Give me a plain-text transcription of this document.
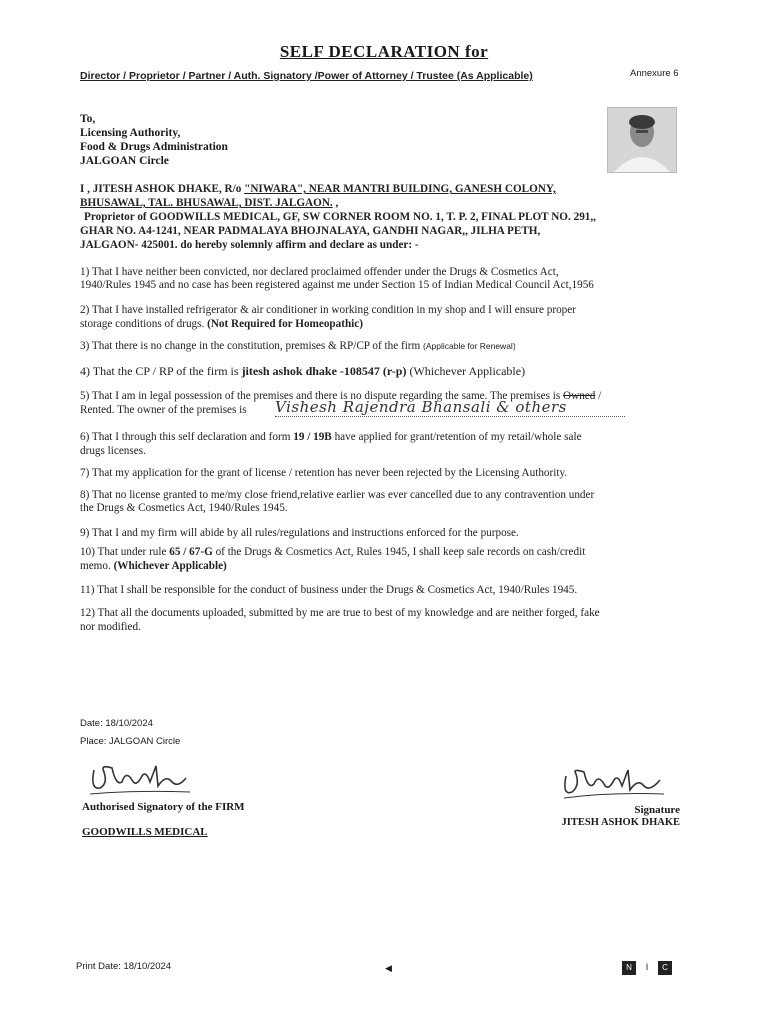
SELF DECLARATION for
Director / Proprietor / Partner / Auth. Signatory /Power of Attorney / Trustee (As Applicable)	Annexure 6
To,
Licensing Authority,
Food & Drugs Administration
JALGOAN Circle
I , JITESH ASHOK DHAKE, R/o "NIWARA", NEAR MANTRI BUILDING, GANESH COLONY,
BHUSAWAL, TAL. BHUSAWAL, DIST. JALGAON. ,
Proprietor of GOODWILLS MEDICAL, GF, SW CORNER ROOM NO. 1, T. P. 2, FINAL PLOT NO. 291,,
GHAR NO. A4-1241, NEAR PADMALAYA BHOJNALAYA, GANDHI NAGAR,, JILHA PETH,
JALGAON- 425001. do hereby solemnly affirm and declare as under: -
1) That I have neither been convicted, nor declared proclaimed offender under the Drugs & Cosmetics Act,
1940/Rules 1945 and no case has been registered against me under Section 15 of Indian Medical Council Act,1956
2) That I have installed refrigerator & air conditioner in working condition in my shop and I will ensure proper
storage conditions of drugs. (Not Required for Homeopathic)
3) That there is no change in the constitution, premises & RP/CP of the firm (Applicable for Renewal)
4) That the CP / RP of the firm is jitesh ashok dhake -108547 (r-p) (Whichever Applicable)
5) That I am in legal possession of the premises and there is no dispute regarding the same. The premises is Owned /
Rented. The owner of the premises is Vishesh Rajendra Bhansali & others
6) That I through this self declaration and form 19 / 19B have applied for grant/retention of my retail/whole sale
drugs licenses.
7) That my application for the grant of license / retention has never been rejected by the Licensing Authority.
8) That no license granted to me/my close friend,relative earlier was ever cancelled due to any contravention under
the Drugs & Cosmetics Act, 1940/Rules 1945.
9) That I and my firm will abide by all rules/regulations and instructions enforced for the purpose.
10) That under rule 65 / 67-G of the Drugs & Cosmetics Act, Rules 1945, I shall keep sale records on cash/credit
memo. (Whichever Applicable)
11) That I shall be responsible for the conduct of business under the Drugs & Cosmetics Act, 1940/Rules 1945.
12) That all the documents uploaded, submitted by me are true to best of my knowledge and are neither forged, fake
nor modified.
Date: 18/10/2024
Place: JALGOAN Circle
Authorised Signatory of the FIRM
GOODWILLS MEDICAL
Signature
JITESH ASHOK DHAKE
Print Date: 18/10/2024	◀	N I C
